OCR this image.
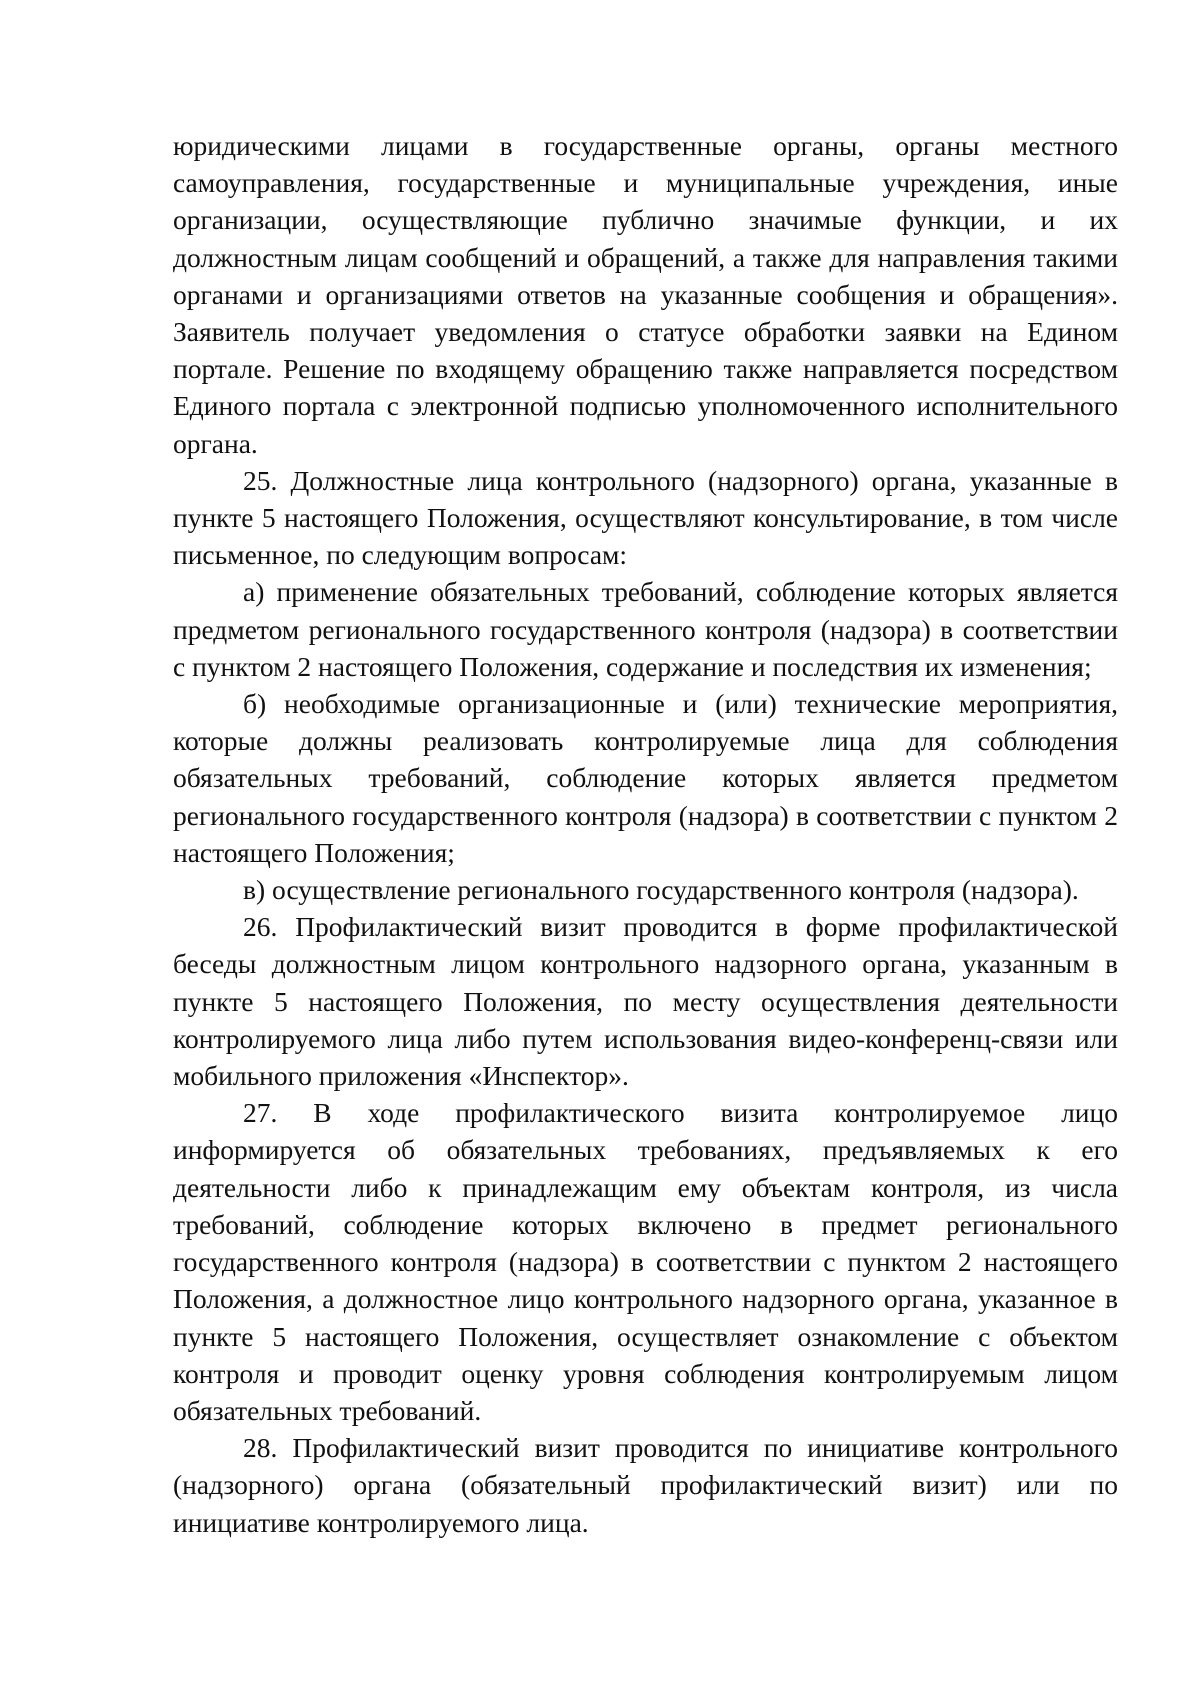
юридическими лицами в государственные органы, органы местного самоуправления, государственные и муниципальные учреждения, иные организации, осуществляющие публично значимые функции, и их должностным лицам сообщений и обращений, а также для направления такими органами и организациями ответов на указанные сообщения и обращения». Заявитель получает уведомления о статусе обработки заявки на Едином портале. Решение по входящему обращению также направляется посредством Единого портала с электронной подписью уполномоченного исполнительного органа.

25. Должностные лица контрольного (надзорного) органа, указанные в пункте 5 настоящего Положения, осуществляют консультирование, в том числе письменное, по следующим вопросам:

а) применение обязательных требований, соблюдение которых является предметом регионального государственного контроля (надзора) в соответствии с пунктом 2 настоящего Положения, содержание и последствия их изменения;

б) необходимые организационные и (или) технические мероприятия, которые должны реализовать контролируемые лица для соблюдения обязательных требований, соблюдение которых является предметом регионального государственного контроля (надзора) в соответствии с пунктом 2 настоящего Положения;

в) осуществление регионального государственного контроля (надзора).

26. Профилактический визит проводится в форме профилактической беседы должностным лицом контрольного надзорного органа, указанным в пункте 5 настоящего Положения, по месту осуществления деятельности контролируемого лица либо путем использования видео-конференц-связи или мобильного приложения «Инспектор».

27. В ходе профилактического визита контролируемое лицо информируется об обязательных требованиях, предъявляемых к его деятельности либо к принадлежащим ему объектам контроля, из числа требований, соблюдение которых включено в предмет регионального государственного контроля (надзора) в соответствии с пунктом 2 настоящего Положения, а должностное лицо контрольного надзорного органа, указанное в пункте 5 настоящего Положения, осуществляет ознакомление с объектом контроля и проводит оценку уровня соблюдения контролируемым лицом обязательных требований.

28. Профилактический визит проводится по инициативе контрольного (надзорного) органа (обязательный профилактический визит) или по инициативе контролируемого лица.
